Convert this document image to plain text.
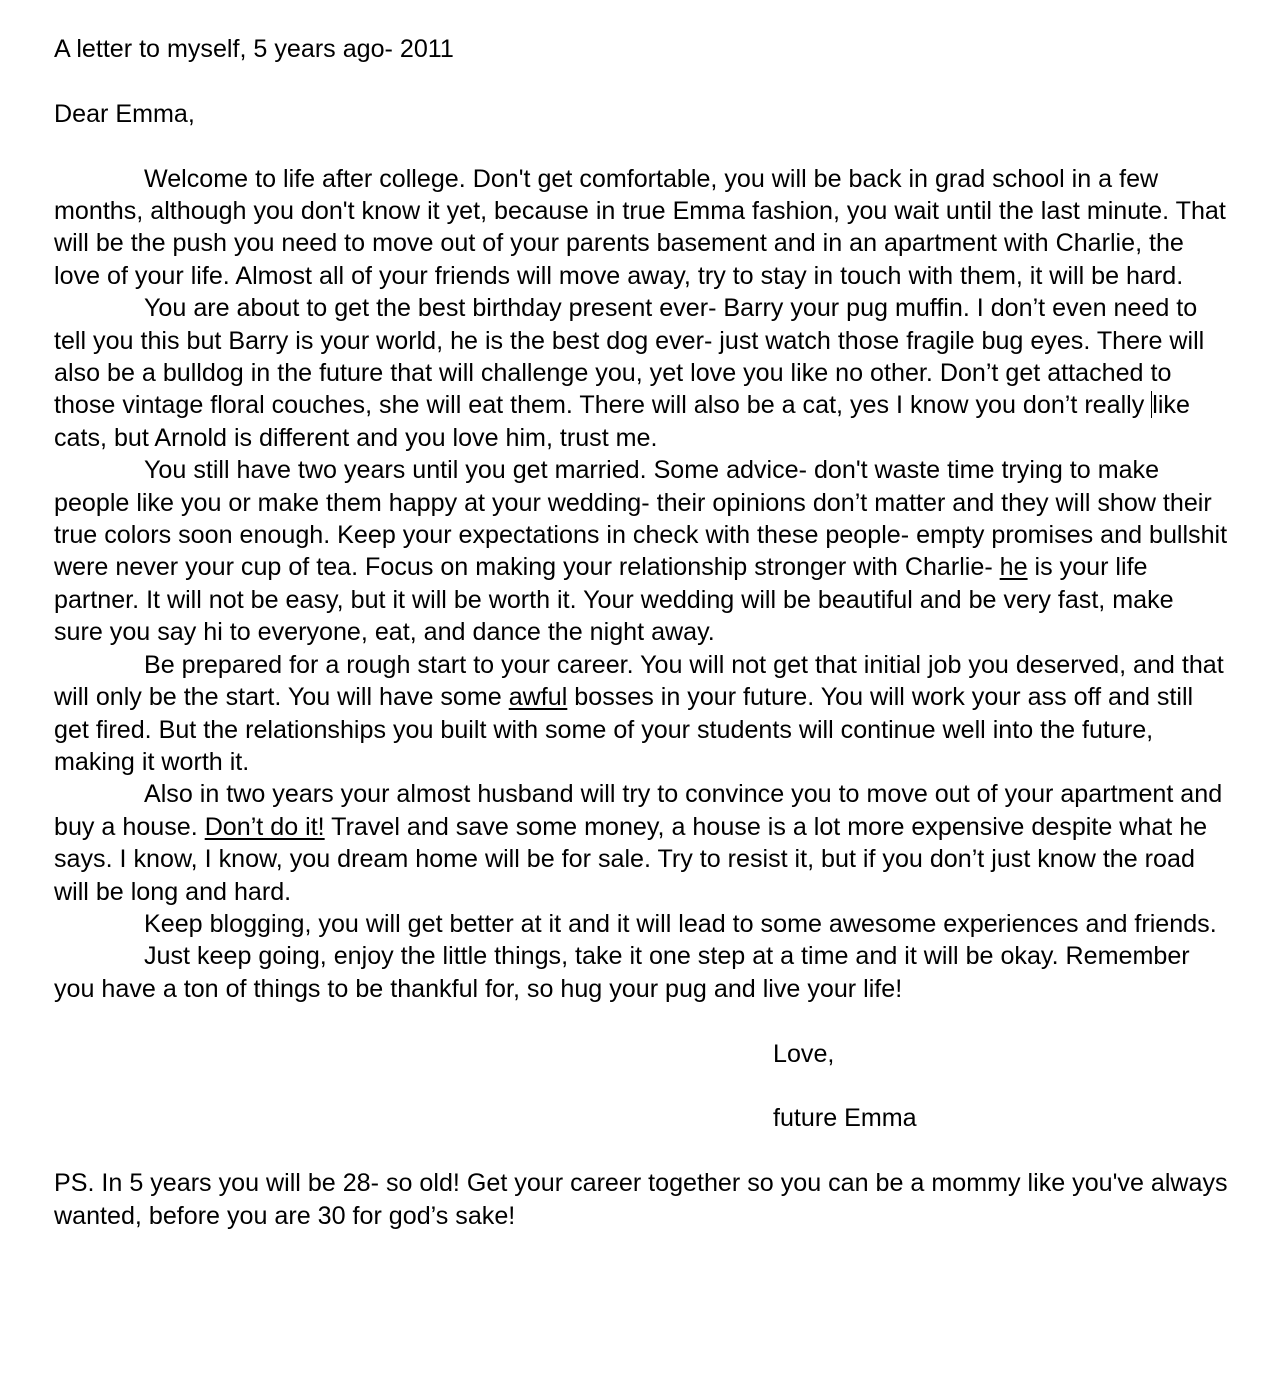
A letter to myself, 5 years ago- 2011

Dear Emma,

Welcome to life after college. Don't get comfortable, you will be back in grad school in a few months, although you don't know it yet, because in true Emma fashion, you wait until the last minute. That will be the push you need to move out of your parents basement and in an apartment with Charlie, the love of your life. Almost all of your friends will move away, try to stay in touch with them, it will be hard.

You are about to get the best birthday present ever- Barry your pug muffin. I don’t even need to tell you this but Barry is your world, he is the best dog ever- just watch those fragile bug eyes. There will also be a bulldog in the future that will challenge you, yet love you like no other. Don’t get attached to those vintage floral couches, she will eat them. There will also be a cat, yes I know you don’t really like cats, but Arnold is different and you love him, trust me.

You still have two years until you get married. Some advice- don't waste time trying to make people like you or make them happy at your wedding- their opinions don’t matter and they will show their true colors soon enough. Keep your expectations in check with these people- empty promises and bullshit were never your cup of tea. Focus on making your relationship stronger with Charlie- he is your life partner. It will not be easy, but it will be worth it. Your wedding will be beautiful and be very fast, make sure you say hi to everyone, eat, and dance the night away.

Be prepared for a rough start to your career. You will not get that initial job you deserved, and that will only be the start. You will have some awful bosses in your future. You will work your ass off and still get fired. But the relationships you built with some of your students will continue well into the future, making it worth it.

Also in two years your almost husband will try to convince you to move out of your apartment and buy a house. Don’t do it! Travel and save some money, a house is a lot more expensive despite what he says. I know, I know, you dream home will be for sale. Try to resist it, but if you don’t just know the road will be long and hard.

Keep blogging, you will get better at it and it will lead to some awesome experiences and friends.

Just keep going, enjoy the little things, take it one step at a time and it will be okay. Remember you have a ton of things to be thankful for, so hug your pug and live your life!

Love,

future Emma

PS. In 5 years you will be 28- so old! Get your career together so you can be a mommy like you've always wanted, before you are 30 for god’s sake!
